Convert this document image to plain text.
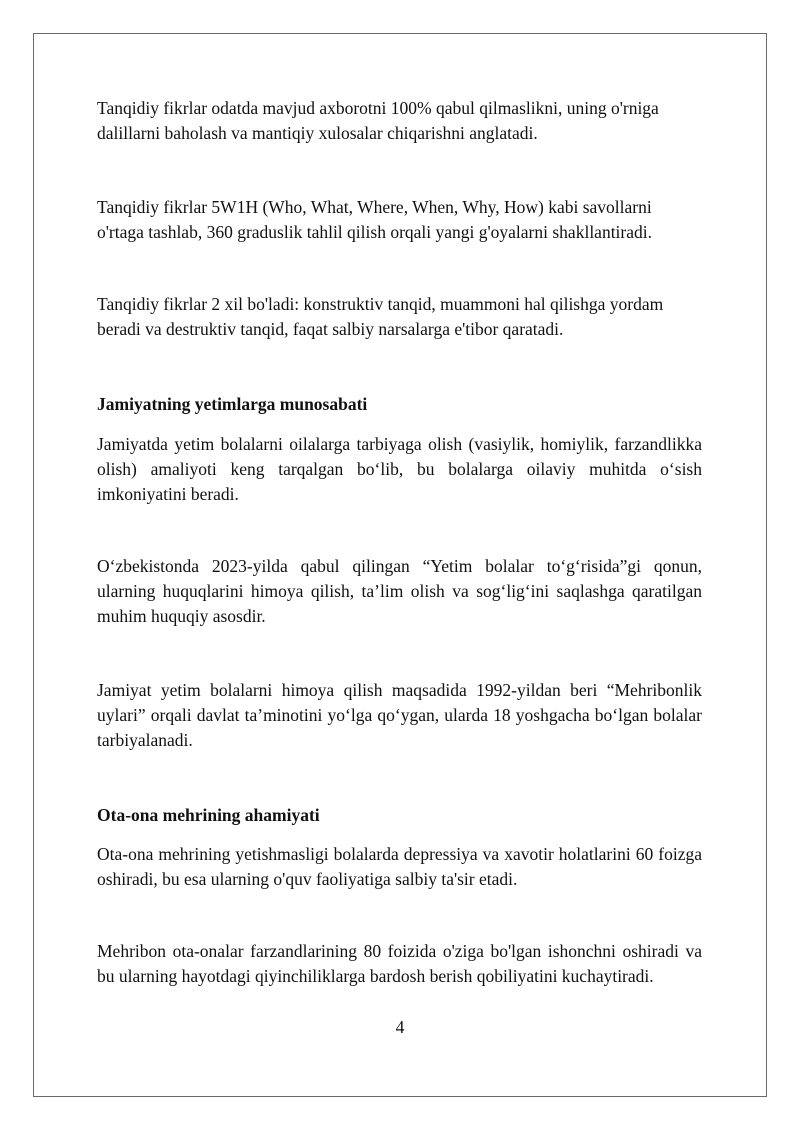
Tanqidiy fikrlar odatda mavjud axborotni 100% qabul qilmaslikni, uning o'rniga dalillarni baholash va mantiqiy xulosalar chiqarishni anglatadi.

Tanqidiy fikrlar 5W1H (Who, What, Where, When, Why, How) kabi savollarni o'rtaga tashlab, 360 graduslik tahlil qilish orqali yangi g'oyalarni shakllantiradi.

Tanqidiy fikrlar 2 xil bo'ladi: konstruktiv tanqid, muammoni hal qilishga yordam beradi va destruktiv tanqid, faqat salbiy narsalarga e'tibor qaratadi.

Jamiyatning yetimlarga munosabati

Jamiyatda yetim bolalarni oilalarga tarbiyaga olish (vasiylik, homiylik, farzandlikka olish) amaliyoti keng tarqalgan bo‘lib, bu bolalarga oilaviy muhitda o‘sish imkoniyatini beradi.

O‘zbekistonda 2023-yilda qabul qilingan “Yetim bolalar to‘g‘risida”gi qonun, ularning huquqlarini himoya qilish, ta’lim olish va sog‘lig‘ini saqlashga qaratilgan muhim huquqiy asosdir.

Jamiyat yetim bolalarni himoya qilish maqsadida 1992-yildan beri “Mehribonlik uylari” orqali davlat ta’minotini yo‘lga qo‘ygan, ularda 18 yoshgacha bo‘lgan bolalar tarbiyalanadi.

Ota-ona mehrining ahamiyati

Ota-ona mehrining yetishmasligi bolalarda depressiya va xavotir holatlarini 60 foizga oshiradi, bu esa ularning o'quv faoliyatiga salbiy ta'sir etadi.

Mehribon ota-onalar farzandlarining 80 foizida o'ziga bo'lgan ishonchni oshiradi va bu ularning hayotdagi qiyinchiliklarga bardosh berish qobiliyatini kuchaytiradi.

4
